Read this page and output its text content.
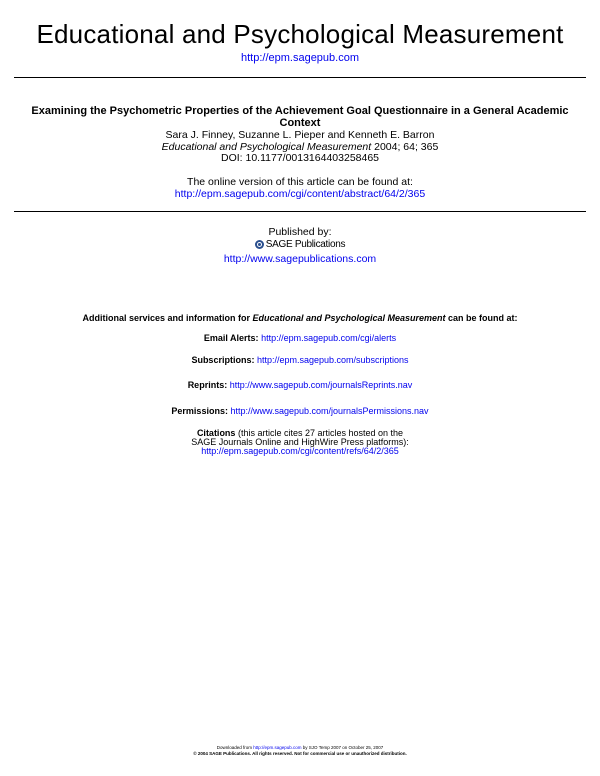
Educational and Psychological Measurement
http://epm.sagepub.com
Examining the Psychometric Properties of the Achievement Goal Questionnaire in a General Academic
Context
Sara J. Finney, Suzanne L. Pieper and Kenneth E. Barron
Educational and Psychological Measurement 2004; 64; 365
DOI: 10.1177/0013164403258465
The online version of this article can be found at:
http://epm.sagepub.com/cgi/content/abstract/64/2/365
Published by:
SAGE Publications
http://www.sagepublications.com
Additional services and information for Educational and Psychological Measurement can be found at:
Email Alerts: http://epm.sagepub.com/cgi/alerts
Subscriptions: http://epm.sagepub.com/subscriptions
Reprints: http://www.sagepub.com/journalsReprints.nav
Permissions: http://www.sagepub.com/journalsPermissions.nav
Citations (this article cites 27 articles hosted on the
SAGE Journals Online and HighWire Press platforms):
http://epm.sagepub.com/cgi/content/refs/64/2/365
Downloaded from http://epm.sagepub.com by SJO Temp 2007 on October 25, 2007
© 2004 SAGE Publications. All rights reserved. Not for commercial use or unauthorized distribution.
